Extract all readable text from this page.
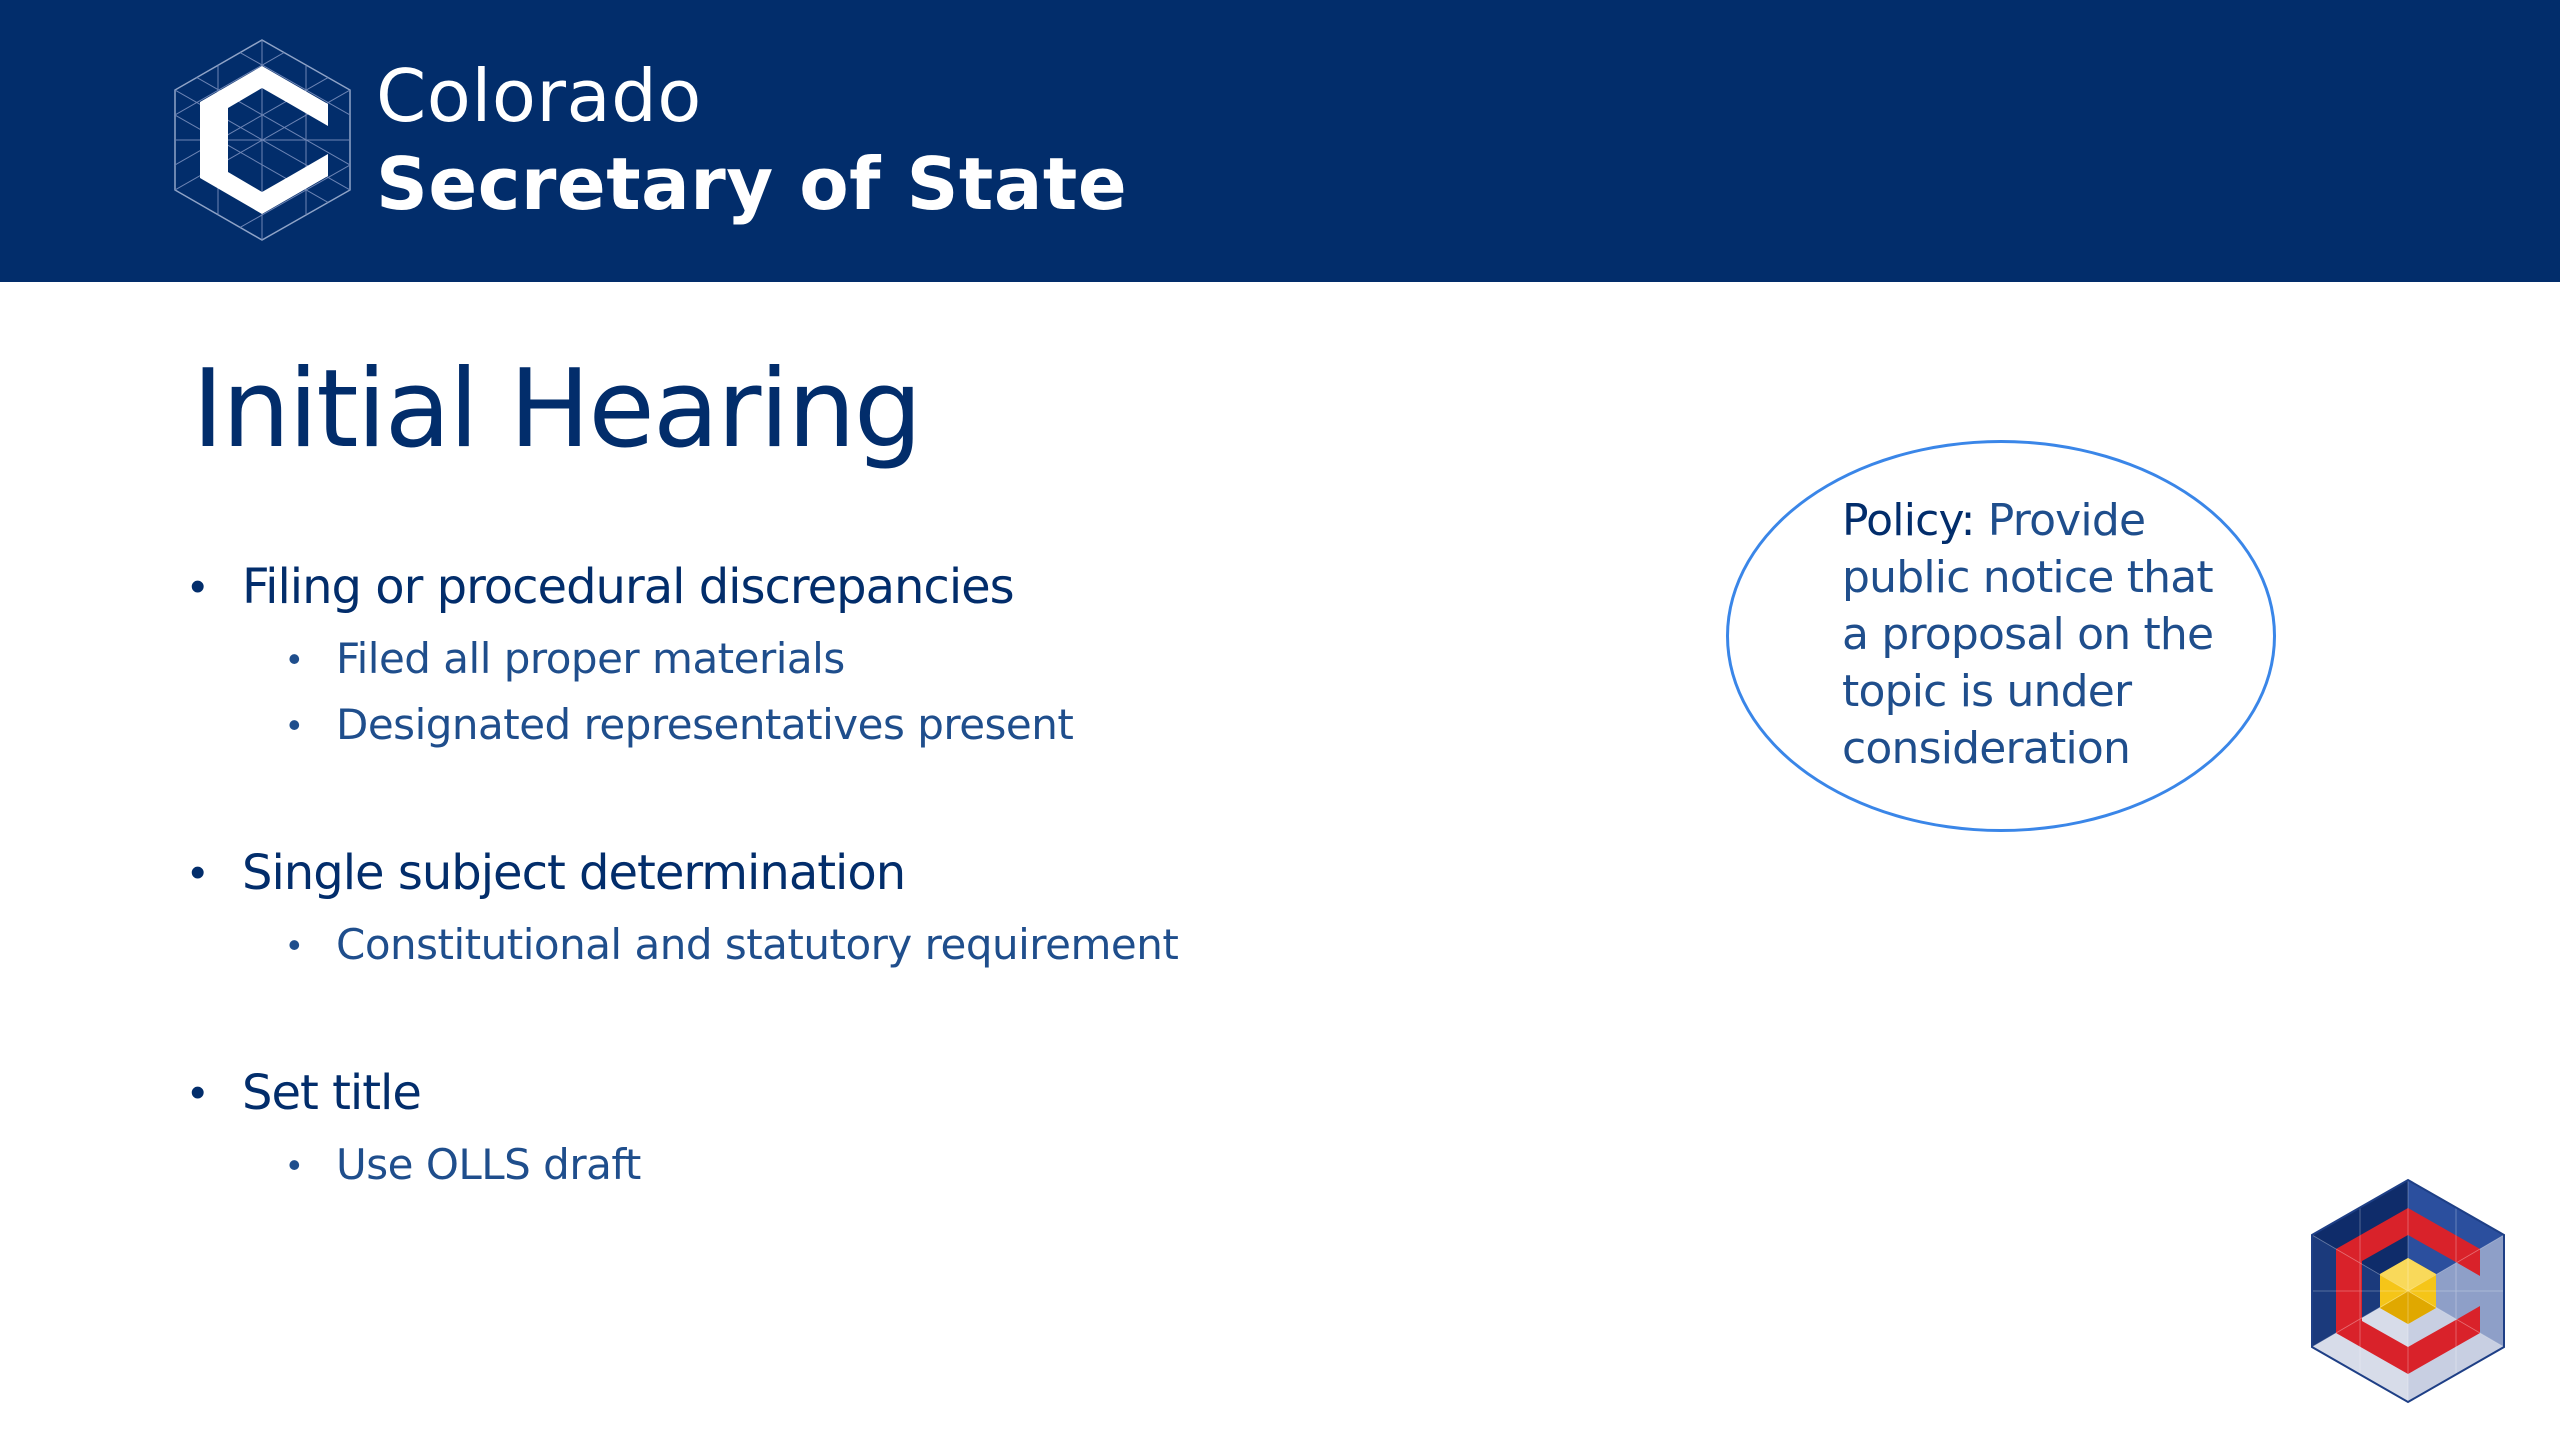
Colorado
Secretary of State
Initial Hearing
• Filing or procedural discrepancies
• Filed all proper materials
• Designated representatives present
• Single subject determination
• Constitutional and statutory requirement
• Set title
• Use OLLS draft

Policy: Provide public notice that a proposal on the topic is under consideration
